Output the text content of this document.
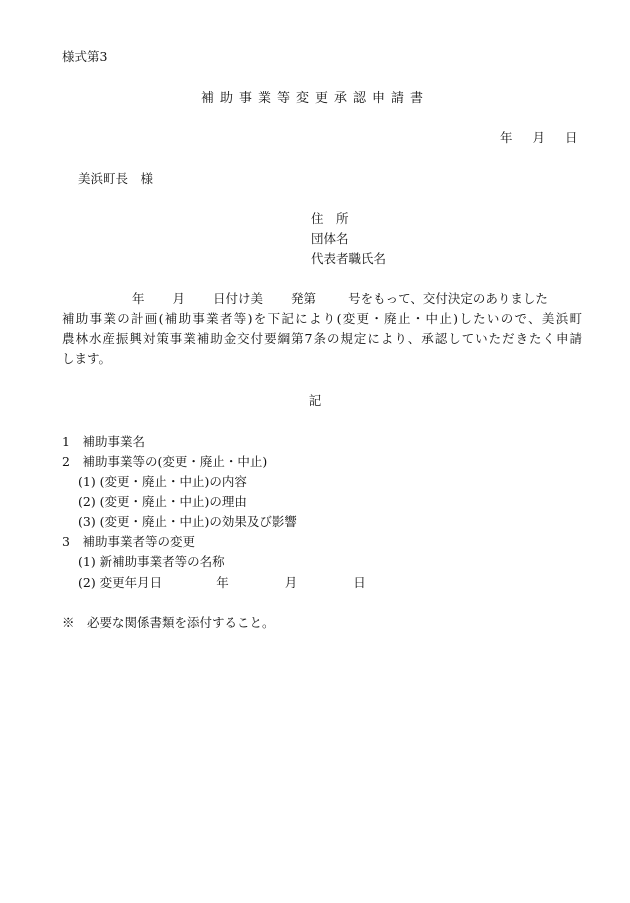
様式第3
補助事業等変更承認申請書
年 月 日
美浜町長　様
住　所
団体名
代表者職氏名
年 月 日付け美 発第	号をもって、交付決定のありました
補助事業の計画(補助事業者等)を下記により(変更・廃止・中止)したいので、美浜町
農林水産振興対策事業補助金交付要綱第7条の規定により、承認していただきたく申請
します。
記
1　補助事業名
2　補助事業等の(変更・廃止・中止)
(1) (変更・廃止・中止)の内容
(2) (変更・廃止・中止)の理由
(3) (変更・廃止・中止)の効果及び影響
3　補助事業者等の変更
(1) 新補助事業者等の名称
(2) 変更年月日	年	月	日
※　必要な関係書類を添付すること。
